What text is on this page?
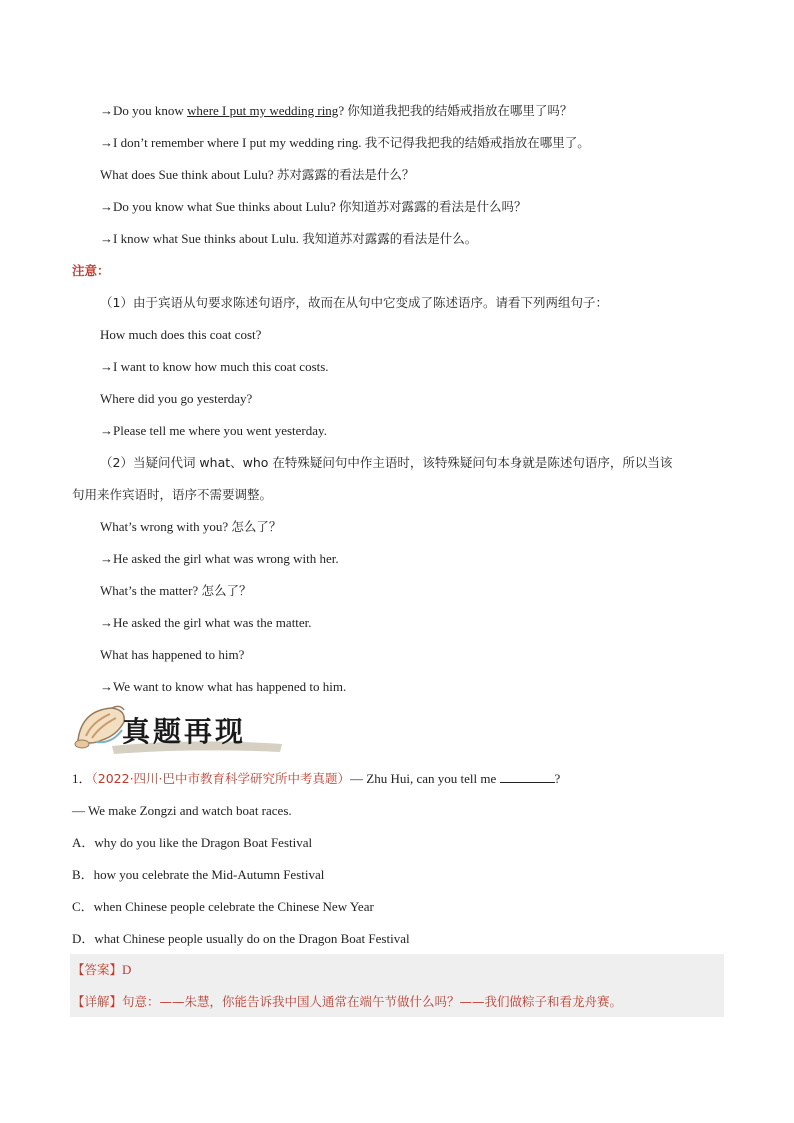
→Do you know where I put my wedding ring? 你知道我把我的结婚戒指放在哪里了吗？
→I don’t remember where I put my wedding ring. 我不记得我把我的结婚戒指放在哪里了。
What does Sue think about Lulu? 苏对露露的看法是什么？
→Do you know what Sue thinks about Lulu? 你知道苏对露露的看法是什么吗？
→I know what Sue thinks about Lulu. 我知道苏对露露的看法是什么。
注意：
（1）由于宾语从句要求陈述句语序，故而在从句中它变成了陈述语序。请看下列两组句子：
How much does this coat cost?
→I want to know how much this coat costs.
Where did you go yesterday?
→Please tell me where you went yesterday.
（2）当疑问代词 what、who 在特殊疑问句中作主语时，该特殊疑问句本身就是陈述句语序，所以当该
句用来作宾语时，语序不需要调整。
What’s wrong with you? 怎么了？
→He asked the girl what was wrong with her.
What’s the matter? 怎么了？
→He asked the girl what was the matter.
What has happened to him?
→We want to know what has happened to him.
真题再现
1．（2022·四川·巴中市教育科学研究所中考真题）— Zhu Hui, can you tell me	?
— We make Zongzi and watch boat races.
A．why do you like the Dragon Boat Festival
B．how you celebrate the Mid-Autumn Festival
C．when Chinese people celebrate the Chinese New Year
D．what Chinese people usually do on the Dragon Boat Festival
【答案】D
【详解】句意：——朱慧，你能告诉我中国人通常在端午节做什么吗？——我们做粽子和看龙舟赛。
